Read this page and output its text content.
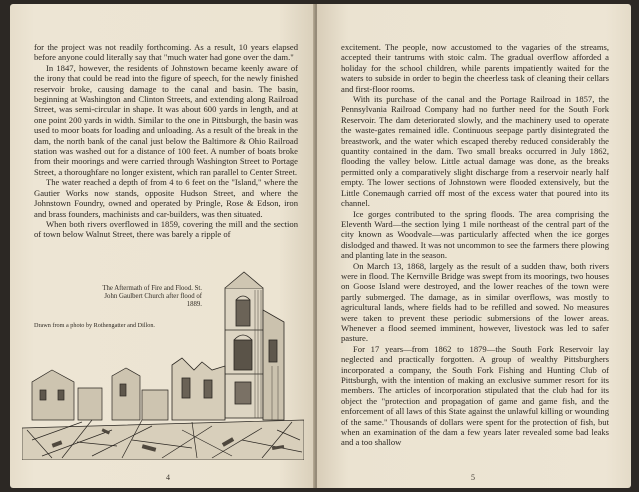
for the project was not readily forthcoming. As a result, 10 years elapsed before anyone could literally say that "much water had gone over the dam."

In 1847, however, the residents of Johnstown became keenly aware of the irony that could be read into the figure of speech, for the newly finished reservoir broke, causing damage to the canal and basin. The basin, beginning at Washington and Clinton Streets, and extending along Railroad Street, was semi-circular in shape. It was about 600 yards in length, and at one point 200 yards in width. Similar to the one in Pittsburgh, the basin was used to moor boats for loading and unloading. As a result of the break in the dam, the north bank of the canal just below the Baltimore & Ohio Railroad station was washed out for a distance of 100 feet. A number of boats broke from their moorings and were carried through Washington Street to Portage Street, a thoroughfare no longer existent, which ran parallel to Center Street.

The water reached a depth of from 4 to 6 feet on the "Island," where the Gautier Works now stands, opposite Hudson Street, and where the Johnstown Foundry, owned and operated by Pringle, Rose & Edson, iron and brass founders, machinists and car-builders, was then situated.

When both rivers overflowed in 1859, covering the mill and the section of town below Walnut Street, there was barely a ripple of

The Aftermath of Fire and Flood. St. John Gaulbert Church after flood of 1889.
Drawn from a photo by Rothengatter and Dillon.
4

excitement. The people, now accustomed to the vagaries of the streams, accepted their tantrums with stoic calm. The gradual overflow afforded a holiday for the school children, while parents impatiently waited for the waters to subside in order to begin the cheerless task of cleaning their cellars and first-floor rooms.

With its purchase of the canal and the Portage Railroad in 1857, the Pennsylvania Railroad Company had no further need for the South Fork Reservoir. The dam deteriorated slowly, and the machinery used to operate the waste-gates remained idle. Continuous seepage partly disintegrated the breastwork, and the water which escaped thereby reduced considerably the quantity contained in the dam. Two small breaks occurred in July 1862, flooding the valley below. Little actual damage was done, as the breaks permitted only a comparatively slight discharge from a reservoir nearly half empty. The lower sections of Johnstown were flooded extensively, but the Little Conemaugh carried off most of the excess water that poured into its channel.

Ice gorges contributed to the spring floods. The area comprising the Eleventh Ward—the section lying 1 mile northeast of the central part of the city known as Woodvale—was particularly affected when the ice gorges dislodged and thawed. It was not uncommon to see the farmers there plowing and planting late in the season.

On March 13, 1868, largely as the result of a sudden thaw, both rivers were in flood. The Kernville Bridge was swept from its moorings, two houses on Goose Island were destroyed, and the lower reaches of the town were partly submerged. The damage, as in similar overflows, was mostly to agricultural lands, where fields had to be refilled and sowed. No measures were taken to prevent these periodic submersions of the lower areas. Whenever a flood seemed imminent, however, livestock was led to safer pasture.

For 17 years—from 1862 to 1879—the South Fork Reservoir lay neglected and practically forgotten. A group of wealthy Pittsburghers incorporated a company, the South Fork Fishing and Hunting Club of Pittsburgh, with the intention of making an exclusive summer resort for its members. The articles of incorporation stipulated that the club had for its object the "protection and propagation of game and game fish, and the enforcement of all laws of this State against the unlawful killing or wounding of the same." Thousands of dollars were spent for the protection of fish, but when an examination of the dam a few years later revealed some bad leaks and a too shallow

5
